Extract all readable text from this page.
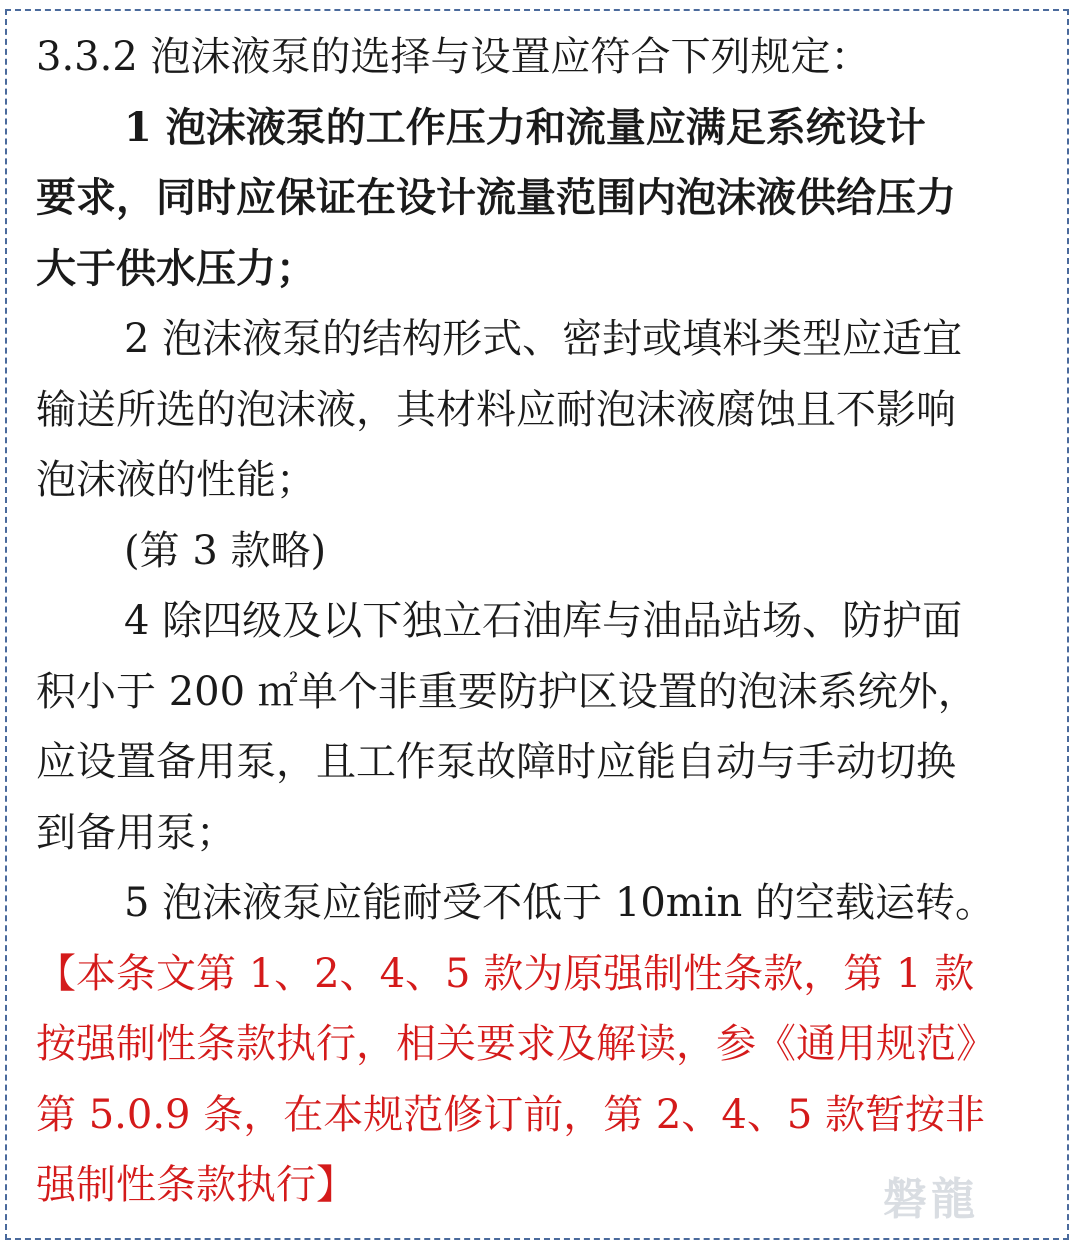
3.3.2 泡沫液泵的选择与设置应符合下列规定：
1 泡沫液泵的工作压力和流量应满足系统设计
要求，同时应保证在设计流量范围内泡沫液供给压力
大于供水压力；
2 泡沫液泵的结构形式、密封或填料类型应适宜
输送所选的泡沫液，其材料应耐泡沫液腐蚀且不影响
泡沫液的性能；
(第 3 款略)
4 除四级及以下独立石油库与油品站场、防护面
积小于 200 ㎡单个非重要防护区设置的泡沫系统外，
应设置备用泵，且工作泵故障时应能自动与手动切换
到备用泵；
5 泡沫液泵应能耐受不低于 10min 的空载运转。
【本条文第 1、2、4、5 款为原强制性条款，第 1 款
按强制性条款执行，相关要求及解读，参《通用规范》
第 5.0.9 条，在本规范修订前，第 2、4、5 款暂按非
强制性条款执行】	磐龍
